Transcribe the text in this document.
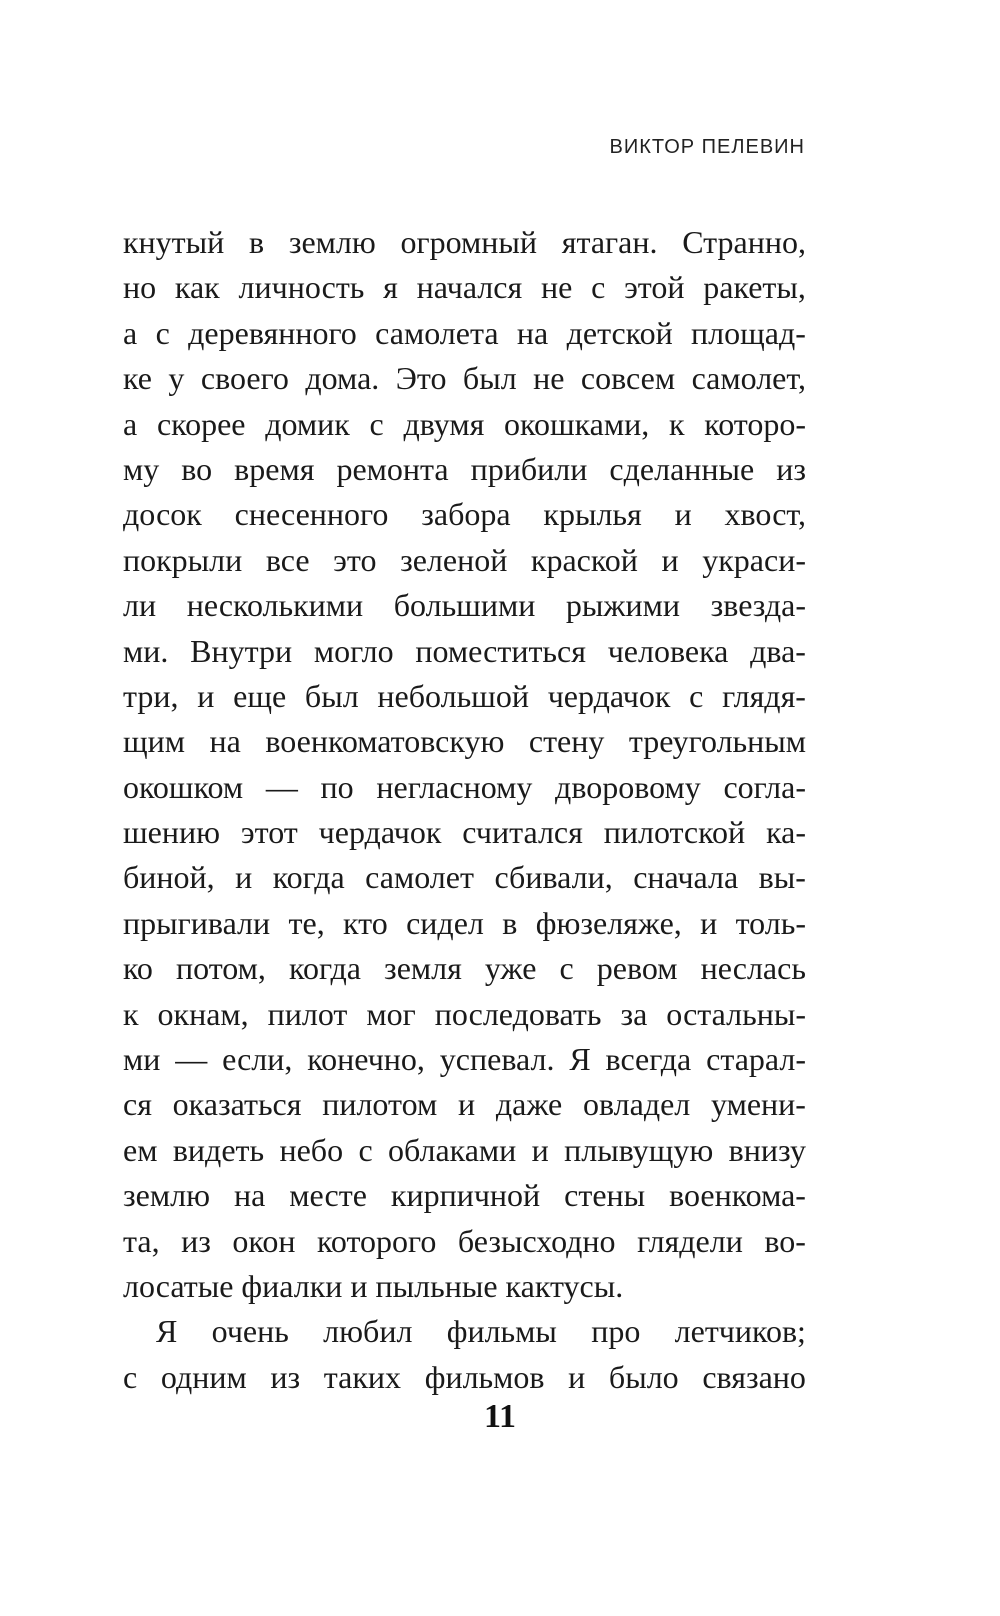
ВИКТОР ПЕЛЕВИН
кнутый в землю огромный ятаган. Странно,
но как личность я начался не с этой ракеты,
а с деревянного самолета на детской площад-
ке у своего дома. Это был не совсем самолет,
а скорее домик с двумя окошками, к которо-
му во время ремонта прибили сделанные из
досок снесенного забора крылья и хвост,
покрыли все это зеленой краской и украси-
ли несколькими большими рыжими звезда-
ми. Внутри могло поместиться человека два-
три, и еще был небольшой чердачок с глядя-
щим на военкоматовскую стену треугольным
окошком — по негласному дворовому согла-
шению этот чердачок считался пилотской ка-
биной, и когда самолет сбивали, сначала вы-
прыгивали те, кто сидел в фюзеляже, и толь-
ко потом, когда земля уже с ревом неслась
к окнам, пилот мог последовать за остальны-
ми — если, конечно, успевал. Я всегда старал-
ся оказаться пилотом и даже овладел умени-
ем видеть небо с облаками и плывущую внизу
землю на месте кирпичной стены военкома-
та, из окон которого безысходно глядели во-
лосатые фиалки и пыльные кактусы.
Я очень любил фильмы про летчиков;
с одним из таких фильмов и было связано
11
